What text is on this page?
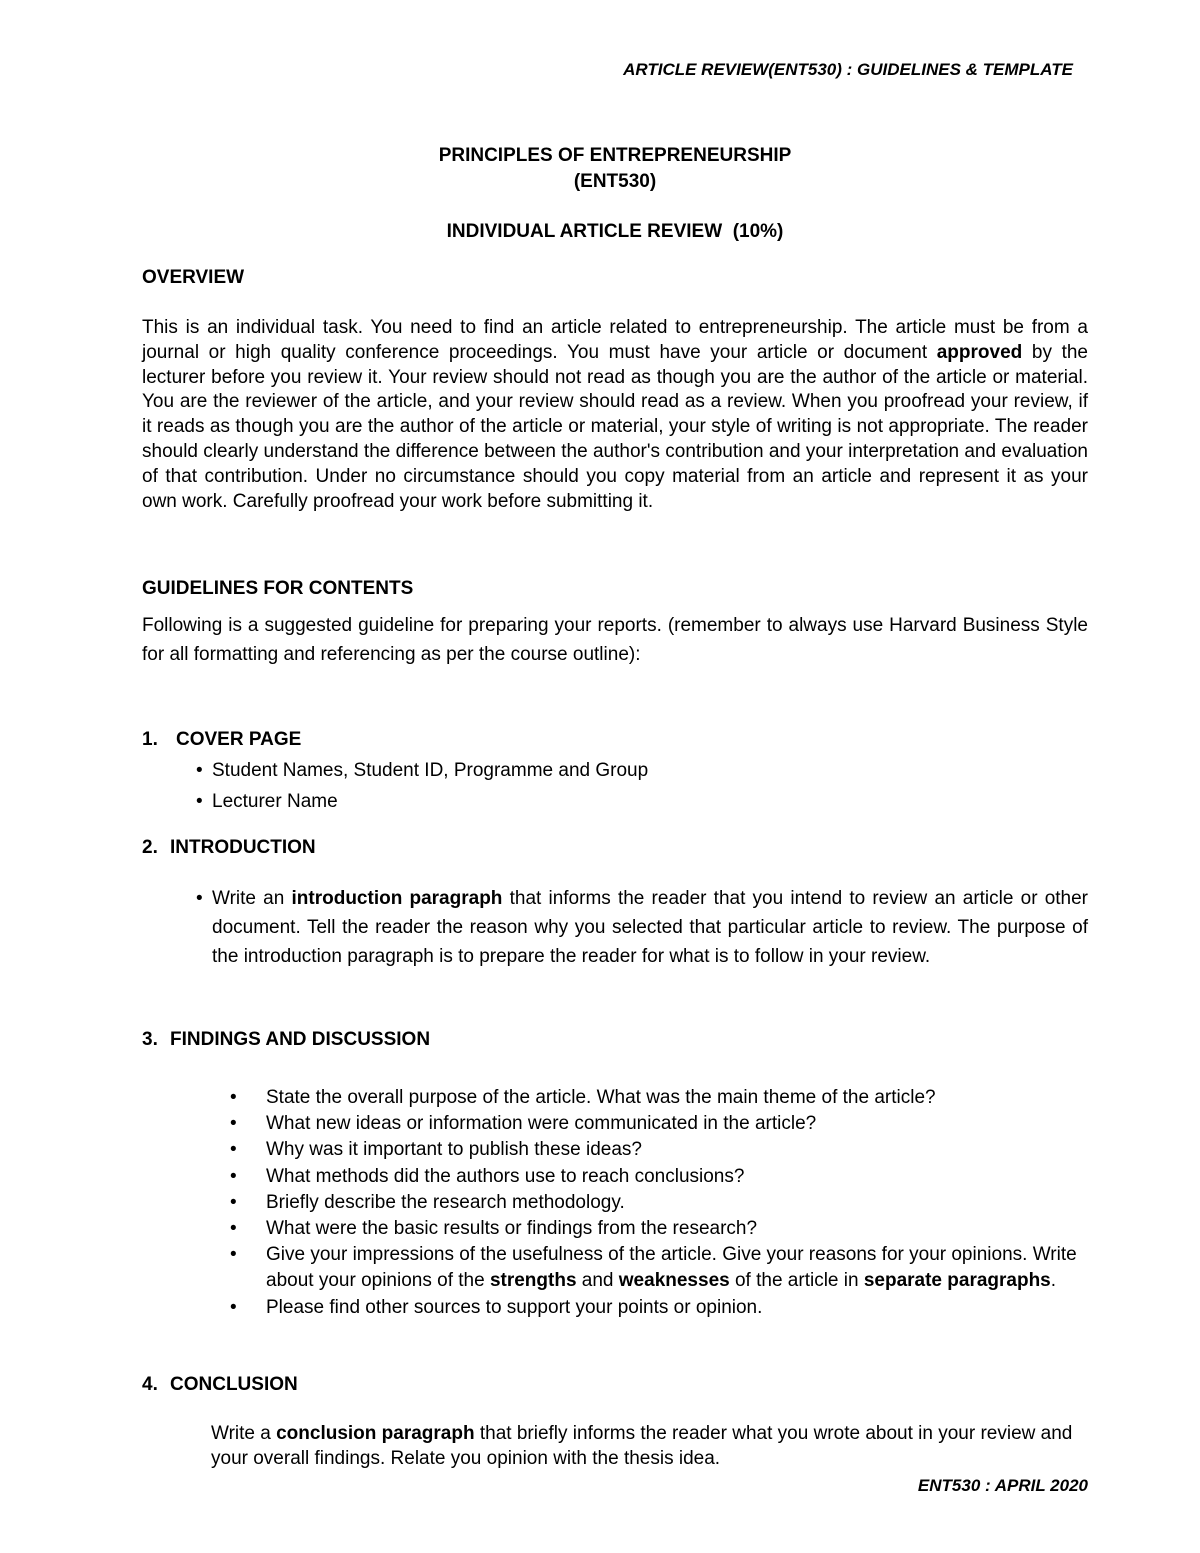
ARTICLE REVIEW(ENT530) : GUIDELINES & TEMPLATE
PRINCIPLES OF ENTREPRENEURSHIP
(ENT530)
INDIVIDUAL ARTICLE REVIEW  (10%)
OVERVIEW
This is an individual task. You need to find an article related to entrepreneurship. The article must be from a journal or high quality conference proceedings. You must have your article or document approved by the lecturer before you review it. Your review should not read as though you are the author of the article or material. You are the reviewer of the article, and your review should read as a review. When you proofread your review, if it reads as though you are the author of the article or material, your style of writing is not appropriate. The reader should clearly understand the difference between the author's contribution and your interpretation and evaluation of that contribution. Under no circumstance should you copy material from an article and represent it as your own work. Carefully proofread your work before submitting it.
GUIDELINES FOR CONTENTS
Following is a suggested guideline for preparing your reports. (remember to always use Harvard Business Style for all formatting and referencing as per the course outline):
1. COVER PAGE
• Student Names, Student ID, Programme and Group
• Lecturer Name
2. INTRODUCTION
• Write an introduction paragraph that informs the reader that you intend to review an article or other document. Tell the reader the reason why you selected that particular article to review. The purpose of the introduction paragraph is to prepare the reader for what is to follow in your review.
3. FINDINGS AND DISCUSSION
• State the overall purpose of the article. What was the main theme of the article?
• What new ideas or information were communicated in the article?
• Why was it important to publish these ideas?
• What methods did the authors use to reach conclusions?
• Briefly describe the research methodology.
• What were the basic results or findings from the research?
• Give your impressions of the usefulness of the article. Give your reasons for your opinions. Write about your opinions of the strengths and weaknesses of the article in separate paragraphs.
• Please find other sources to support your points or opinion.
4. CONCLUSION
Write a conclusion paragraph that briefly informs the reader what you wrote about in your review and your overall findings. Relate you opinion with the thesis idea.
ENT530 : APRIL 2020
